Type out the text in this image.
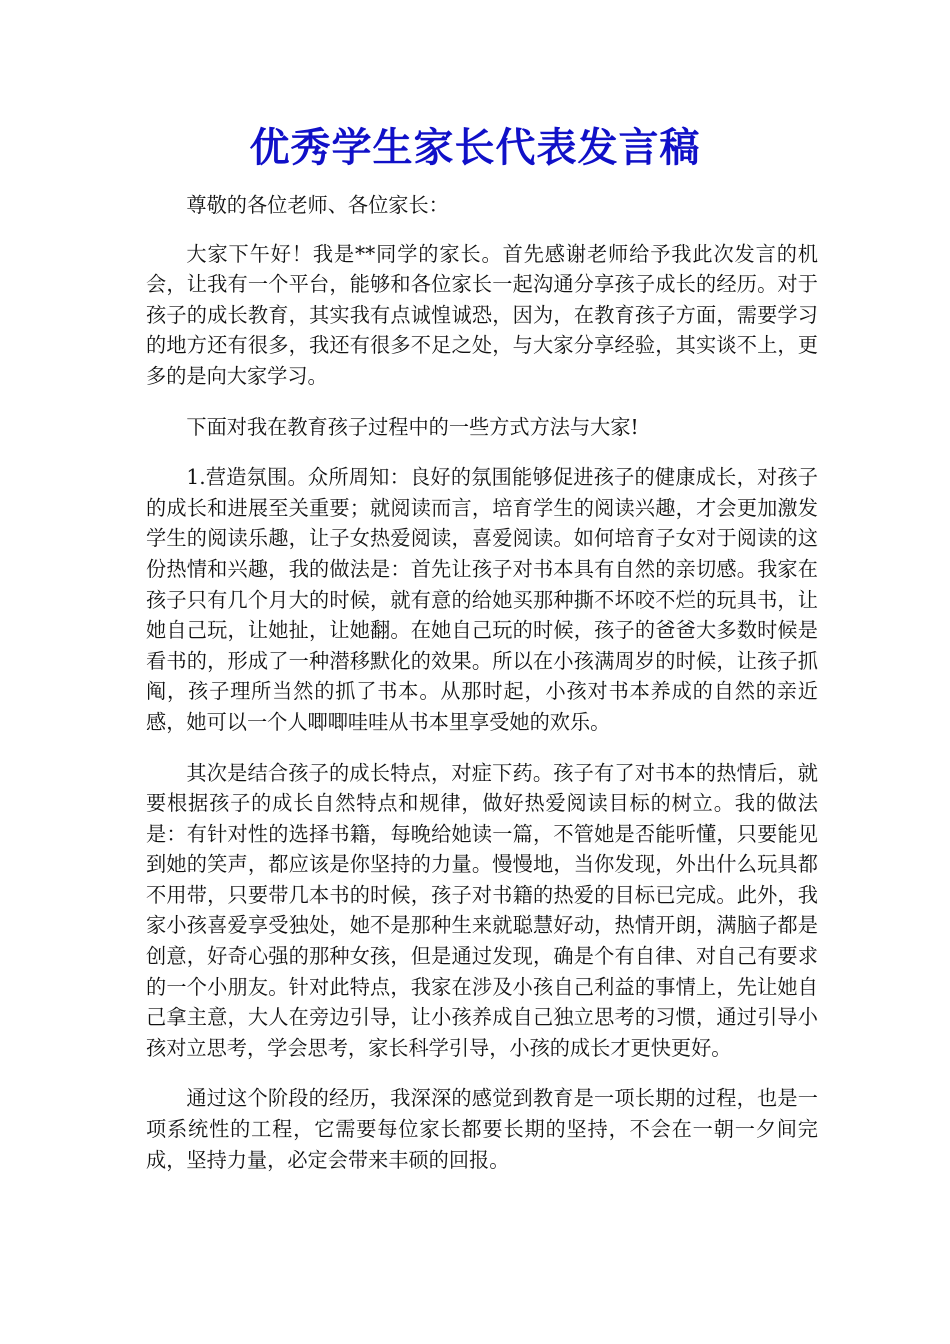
优秀学生家长代表发言稿

尊敬的各位老师、各位家长：

大家下午好！我是**同学的家长。首先感谢老师给予我此次发言的机会，让我有一个平台，能够和各位家长一起沟通分享孩子成长的经历。对于孩子的成长教育，其实我有点诚惶诚恐，因为，在教育孩子方面，需要学习的地方还有很多，我还有很多不足之处，与大家分享经验，其实谈不上，更多的是向大家学习。

下面对我在教育孩子过程中的一些方式方法与大家!

1.营造氛围。众所周知：良好的氛围能够促进孩子的健康成长，对孩子的成长和进展至关重要；就阅读而言，培育学生的阅读兴趣，才会更加激发学生的阅读乐趣，让子女热爱阅读，喜爱阅读。如何培育子女对于阅读的这份热情和兴趣，我的做法是：首先让孩子对书本具有自然的亲切感。我家在孩子只有几个月大的时候，就有意的给她买那种撕不坏咬不烂的玩具书，让她自己玩，让她扯，让她翻。在她自己玩的时候，孩子的爸爸大多数时候是看书的，形成了一种潜移默化的效果。所以在小孩满周岁的时候，让孩子抓阄，孩子理所当然的抓了书本。从那时起，小孩对书本养成的自然的亲近感，她可以一个人唧唧哇哇从书本里享受她的欢乐。

其次是结合孩子的成长特点，对症下药。孩子有了对书本的热情后，就要根据孩子的成长自然特点和规律，做好热爱阅读目标的树立。我的做法是：有针对性的选择书籍，每晚给她读一篇，不管她是否能听懂，只要能见到她的笑声，都应该是你坚持的力量。慢慢地，当你发现，外出什么玩具都不用带，只要带几本书的时候，孩子对书籍的热爱的目标已完成。此外，我家小孩喜爱享受独处，她不是那种生来就聪慧好动，热情开朗，满脑子都是创意，好奇心强的那种女孩，但是通过发现，确是个有自律、对自己有要求的一个小朋友。针对此特点，我家在涉及小孩自己利益的事情上，先让她自己拿主意，大人在旁边引导，让小孩养成自己独立思考的习惯，通过引导小孩对立思考，学会思考，家长科学引导，小孩的成长才更快更好。

通过这个阶段的经历，我深深的感觉到教育是一项长期的过程，也是一项系统性的工程，它需要每位家长都要长期的坚持，不会在一朝一夕间完成，坚持力量，必定会带来丰硕的回报。
